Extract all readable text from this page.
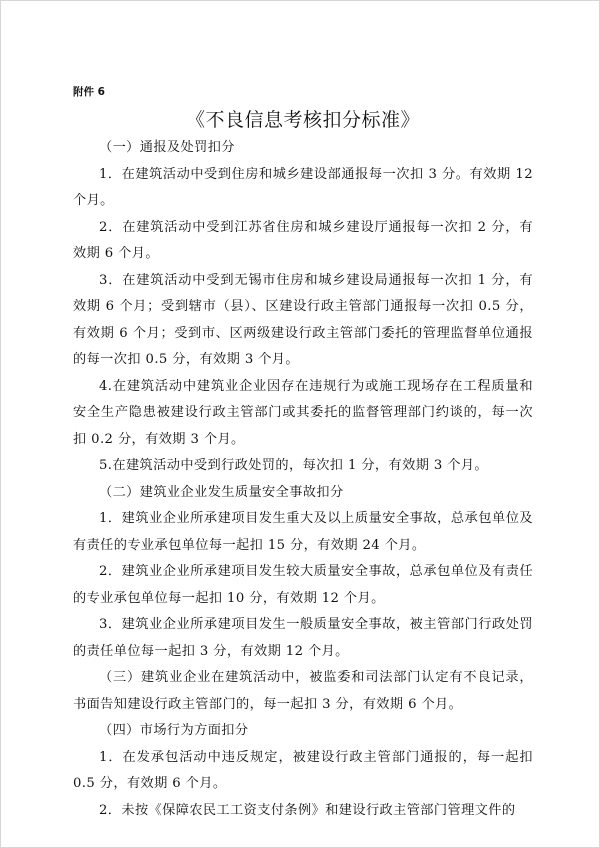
附件 6
《不良信息考核扣分标准》

（一）通报及处罚扣分

1．在建筑活动中受到住房和城乡建设部通报每一次扣 3 分。有效期 12 个月。

2．在建筑活动中受到江苏省住房和城乡建设厅通报每一次扣 2 分，有效期 6 个月。

3．在建筑活动中受到无锡市住房和城乡建设局通报每一次扣 1 分，有效期 6 个月；受到辖市（县）、区建设行政主管部门通报每一次扣 0.5 分，有效期 6 个月；受到市、区两级建设行政主管部门委托的管理监督单位通报的每一次扣 0.5 分，有效期 3 个月。

4.在建筑活动中建筑业企业因存在违规行为或施工现场存在工程质量和安全生产隐患被建设行政主管部门或其委托的监督管理部门约谈的，每一次扣 0.2 分，有效期 3 个月。

5.在建筑活动中受到行政处罚的，每次扣 1 分，有效期 3 个月。

（二）建筑业企业发生质量安全事故扣分

1．建筑业企业所承建项目发生重大及以上质量安全事故，总承包单位及有责任的专业承包单位每一起扣 15 分，有效期 24 个月。

2．建筑业企业所承建项目发生较大质量安全事故，总承包单位及有责任的专业承包单位每一起扣 10 分，有效期 12 个月。

3．建筑业企业所承建项目发生一般质量安全事故，被主管部门行政处罚的责任单位每一起扣 3 分，有效期 12 个月。

（三）建筑业企业在建筑活动中，被监委和司法部门认定有不良记录，书面告知建设行政主管部门的，每一起扣 3 分，有效期 6 个月。

（四）市场行为方面扣分

1．在发承包活动中违反规定，被建设行政主管部门通报的，每一起扣 0.5 分，有效期 6 个月。

2．未按《保障农民工工资支付条例》和建设行政主管部门管理文件的
